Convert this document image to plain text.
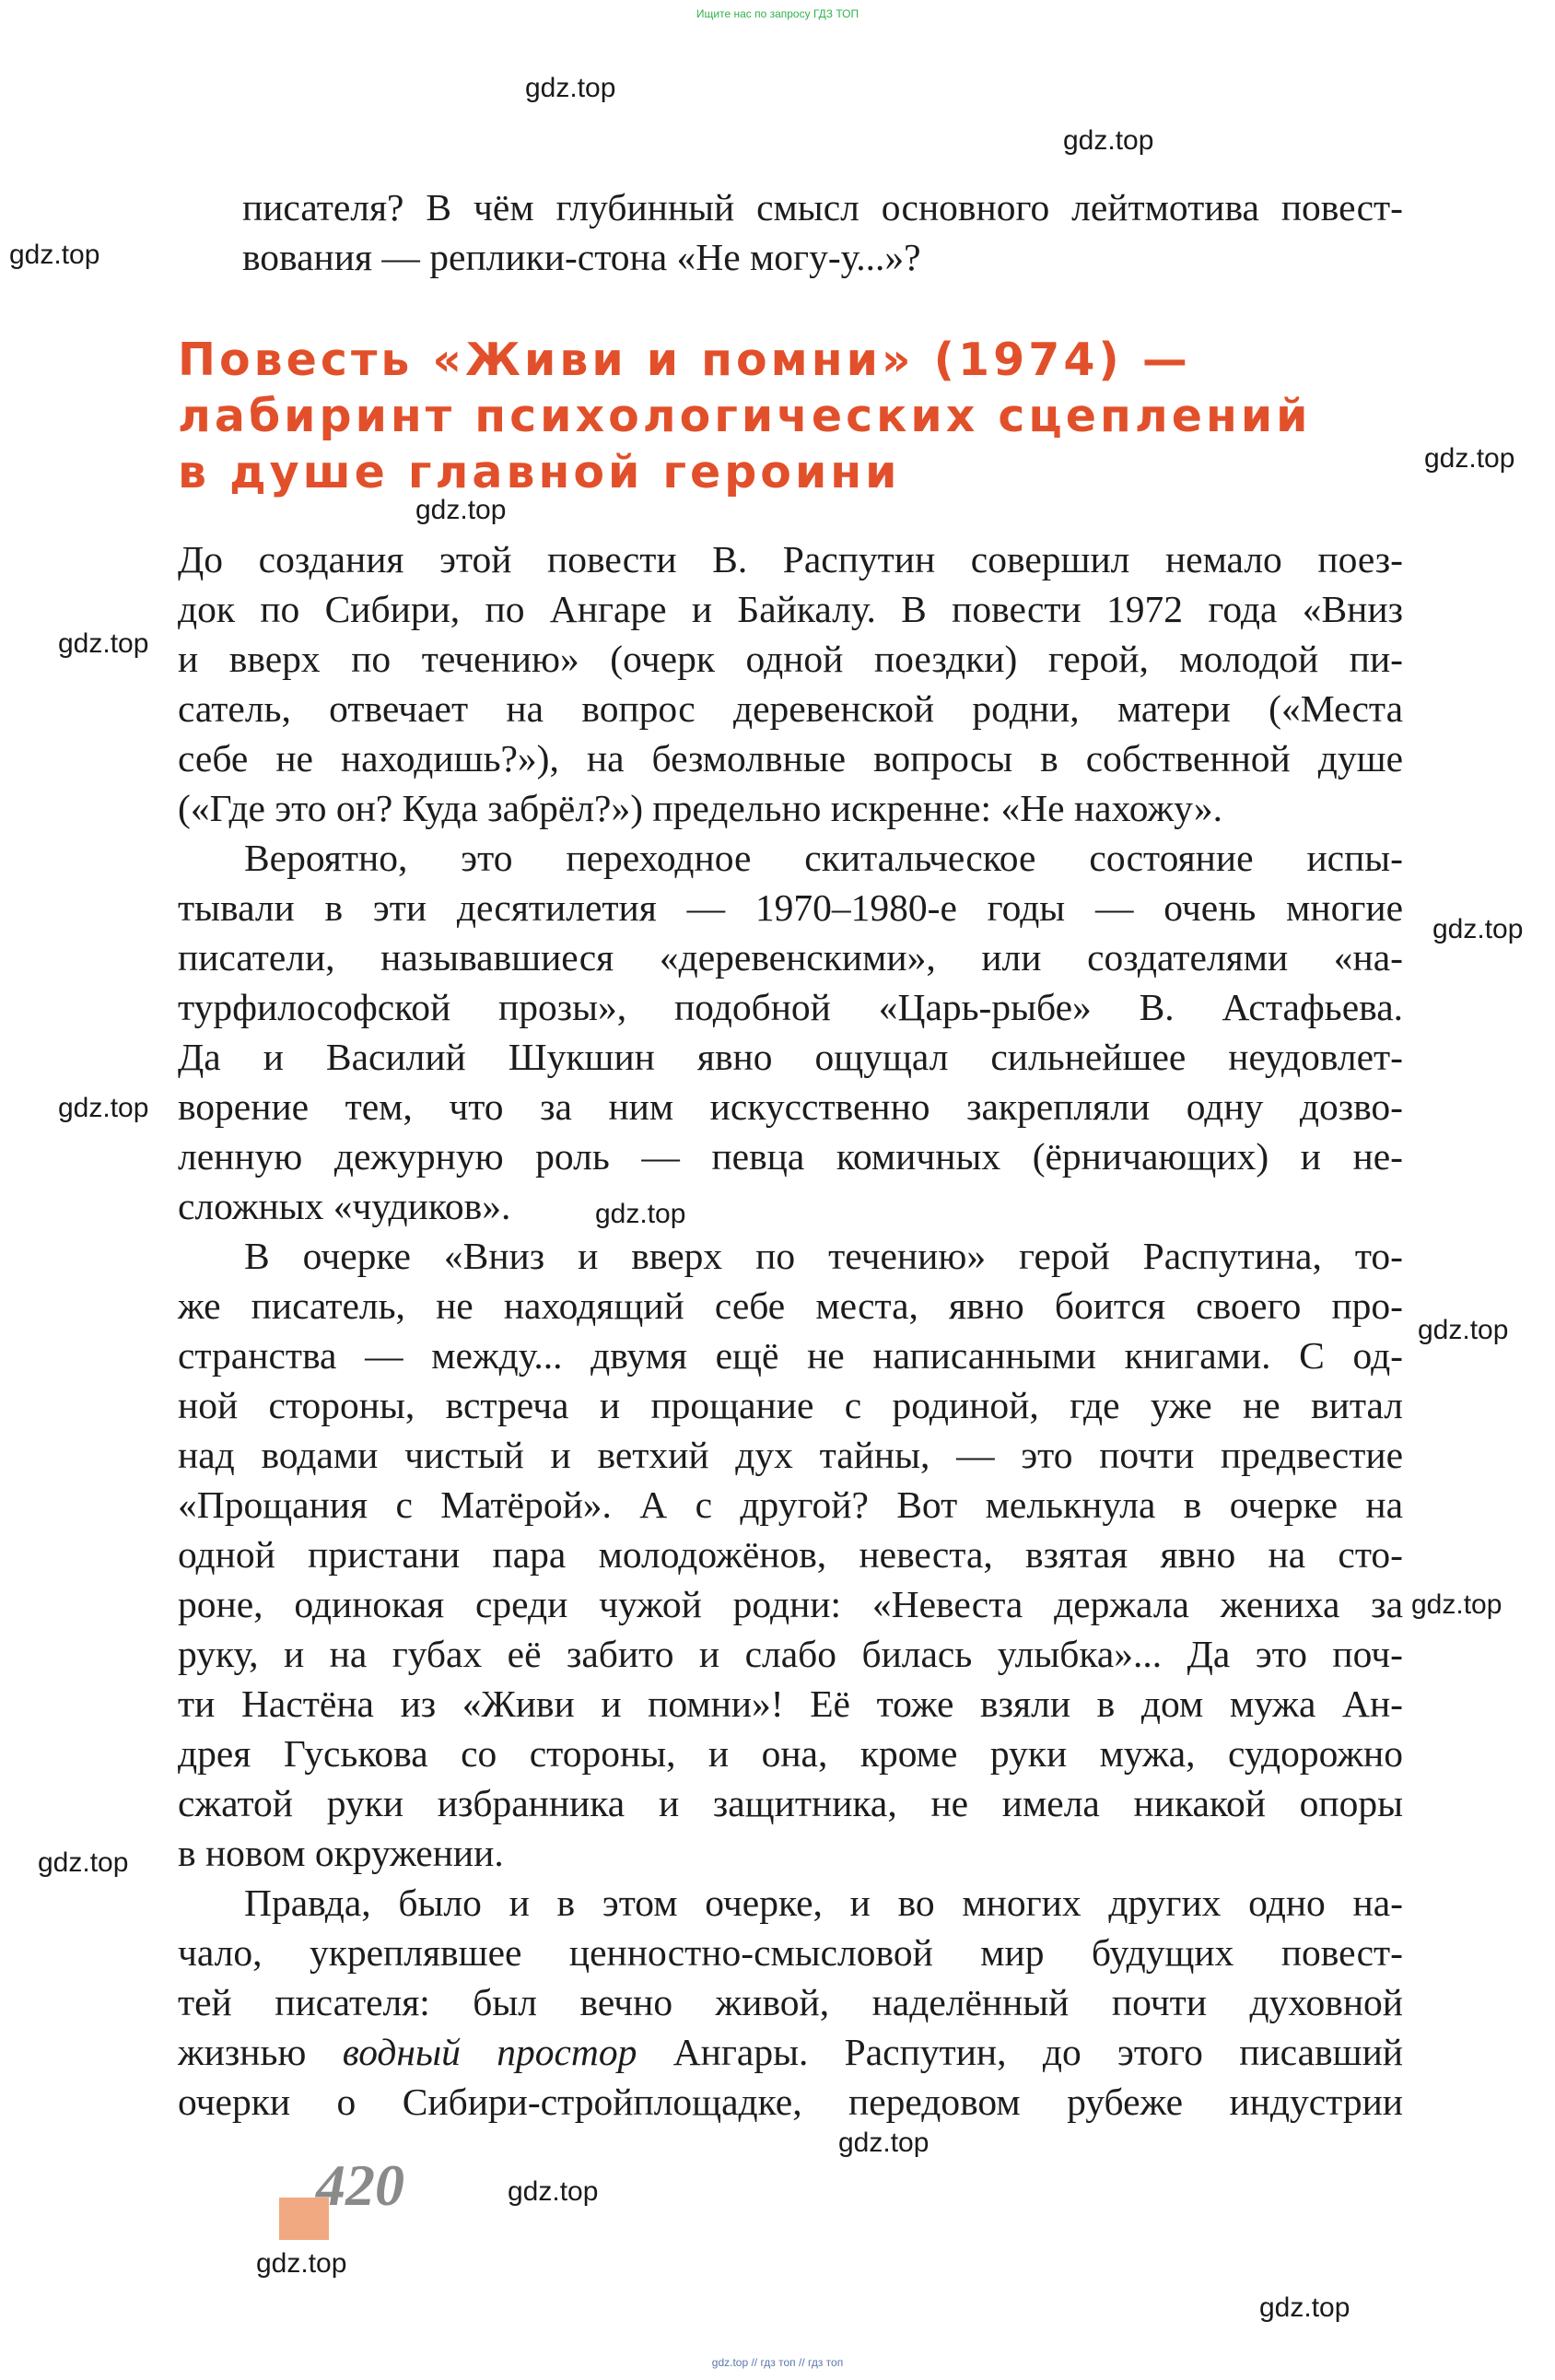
Ищите нас по запросу ГДЗ ТОП
gdz.top
gdz.top
gdz.top
gdz.top
gdz.top
gdz.top
gdz.top
gdz.top
gdz.top
gdz.top
gdz.top
gdz.top
gdz.top
gdz.top
gdz.top
gdz.top
писателя? В чём глубинный смысл основного лейтмотива повест-
вования — реплики-стона «Не могу-у...»?
Повесть «Живи и помни» (1974) —
лабиринт психологических сцеплений
в душе главной героини
До создания этой повести В. Распутин совершил немало поез-
док по Сибири, по Ангаре и Байкалу. В повести 1972 года «Вниз
и вверх по течению» (очерк одной поездки) герой, молодой пи-
сатель, отвечает на вопрос деревенской родни, матери («Места
себе не находишь?»), на безмолвные вопросы в собственной душе
(«Где это он? Куда забрёл?») предельно искренне: «Не нахожу».
Вероятно, это переходное скитальческое состояние испы-
тывали в эти десятилетия — 1970–1980-е годы — очень многие
писатели, называвшиеся «деревенскими», или создателями «на-
турфилософской прозы», подобной «Царь-рыбе» В. Астафьева.
Да и Василий Шукшин явно ощущал сильнейшее неудовлет-
ворение тем, что за ним искусственно закрепляли одну дозво-
ленную дежурную роль — певца комичных (ёрничающих) и не-
сложных «чудиков».
В очерке «Вниз и вверх по течению» герой Распутина, то-
же писатель, не находящий себе места, явно боится своего про-
странства — между... двумя ещё не написанными книгами. С од-
ной стороны, встреча и прощание с родиной, где уже не витал
над водами чистый и ветхий дух тайны, — это почти предвестие
«Прощания с Матёрой». А с другой? Вот мелькнула в очерке на
одной пристани пара молодожёнов, невеста, взятая явно на сто-
роне, одинокая среди чужой родни: «Невеста держала жениха за
руку, и на губах её забито и слабо билась улыбка»... Да это поч-
ти Настёна из «Живи и помни»! Её тоже взяли в дом мужа Ан-
дрея Гуськова со стороны, и она, кроме руки мужа, судорожно
сжатой руки избранника и защитника, не имела никакой опоры
в новом окружении.
Правда, было и в этом очерке, и во многих других одно на-
чало, укреплявшее ценностно-смысловой мир будущих повест-
тей писателя: был вечно живой, наделённый почти духовной
жизнью водный простор Ангары. Распутин, до этого писавший
очерки о Сибири-стройплощадке, передовом рубеже индустрии
420
gdz.top // гдз топ // гдз топ
